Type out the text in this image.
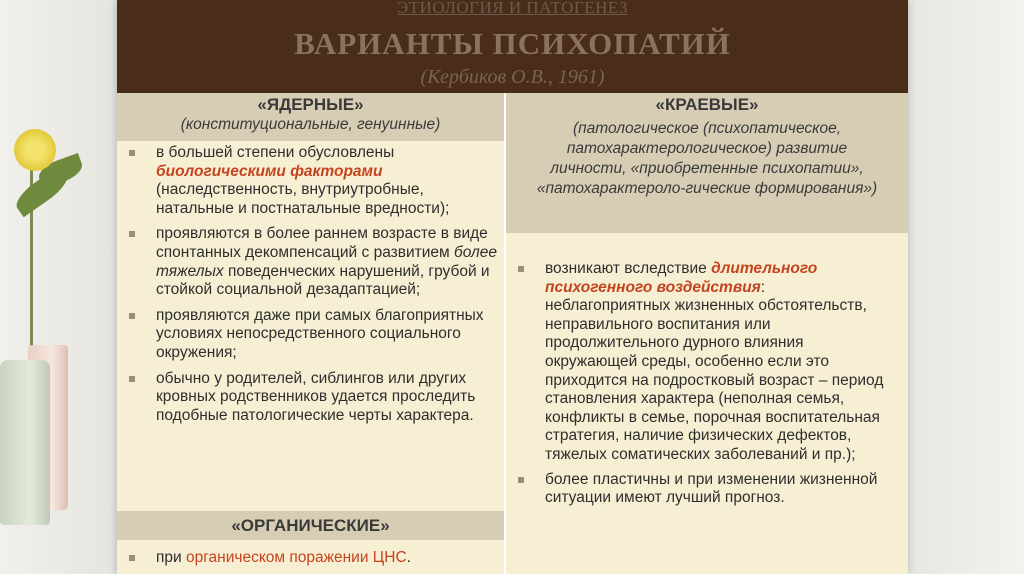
ЭТИОЛОГИЯ И ПАТОГЕНЕЗ
ВАРИАНТЫ ПСИХОПАТИЙ
(Кербиков О.В., 1961)
«ЯДЕРНЫЕ»
(конституциональные, генуинные)
«КРАЕВЫЕ»
(патологическое (психопатическое, патохарактерологическое) развитие личности, «приобретенные психопатии», «патохарактероло-гические формирования»)
в большей степени обусловлены биологическими факторами (наследственность, внутриутробные, натальные и постнатальные вредности);
проявляются в более раннем возрасте в виде спонтанных декомпенсаций с развитием более тяжелых поведенческих нарушений, грубой и стойкой социальной дезадаптацией;
проявляются даже при самых благоприятных условиях непосредственного социального окружения;
обычно у родителей, сиблингов или других кровных родственников удается проследить подобные патологические черты характера.
«ОРГАНИЧЕСКИЕ»
при органическом поражении ЦНС.
возникают вследствие длительного психогенного воздействия: неблагоприятных жизненных обстоятельств, неправильного воспитания или продолжительного дурного влияния окружающей среды, особенно если это приходится на подростковый возраст – период становления характера (неполная семья, конфликты в семье, порочная воспитательная стратегия, наличие физических дефектов, тяжелых соматических заболеваний и пр.);
более пластичны и при изменении жизненной ситуации имеют лучший прогноз.
